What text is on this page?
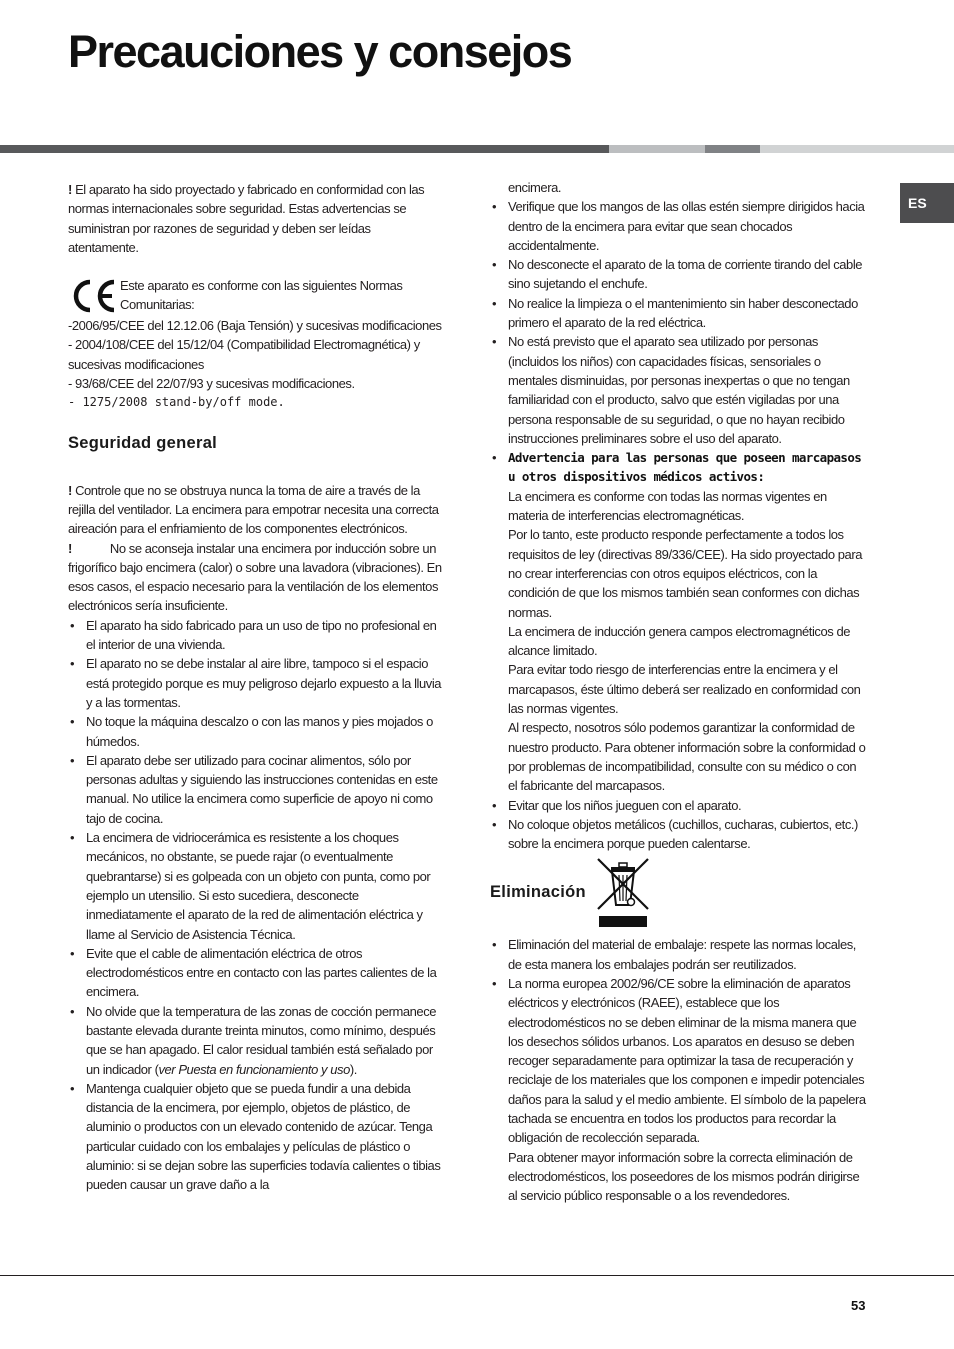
Precauciones y consejos
ES

! El aparato ha sido proyectado y fabricado en conformidad con las normas internacionales sobre seguridad. Estas advertencias se suministran por razones de seguridad y deben ser leídas atentamente.

Este aparato es conforme con las siguientes Normas Comunitarias:

-2006/95/CEE del 12.12.06 (Baja Tensión) y sucesivas modificaciones

- 2004/108/CEE del 15/12/04 (Compatibilidad Electromagnética) y sucesivas modificaciones

- 93/68/CEE del 22/07/93 y sucesivas modificaciones.

- 1275/2008 stand-by/off mode.

Seguridad general

! Controle que no se obstruya nunca la toma de aire a través de la rejilla del ventilador. La encimera para empotrar necesita una correcta aireación para el enfriamiento de los componentes electrónicos.

!	No se aconseja instalar una encimera por inducción sobre un frigorífico bajo encimera (calor) o sobre una lavadora (vibraciones). En esos casos, el espacio necesario para la ventilación de los elementos electrónicos sería insuficiente.

• El aparato ha sido fabricado para un uso de tipo no profesional en el interior de una vivienda.
• El aparato no se debe instalar al aire libre, tampoco si el espacio está protegido porque es muy peligroso dejarlo expuesto a la lluvia y a las tormentas.
• No toque la máquina descalzo o con las manos y pies mojados o húmedos.
• El aparato debe ser utilizado para cocinar alimentos, sólo por personas adultas y siguiendo las instrucciones contenidas en este manual. No utilice la encimera como superficie de apoyo ni como tajo de cocina.
• La encimera de vidriocerámica es resistente a los choques mecánicos, no obstante, se puede rajar (o eventualmente quebrantarse) si es golpeada con un objeto con punta, como por ejemplo un utensilio. Si esto sucediera, desconecte inmediatamente el aparato de la red de alimentación eléctrica y llame al Servicio de Asistencia Técnica.
• Evite que el cable de alimentación eléctrica de otros electrodomésticos entre en contacto con las partes calientes de la encimera.
• No olvide que la temperatura de las zonas de cocción permanece bastante elevada durante treinta minutos, como mínimo, después que se han apagado. El calor residual también está señalado por un indicador (ver Puesta en funcionamiento y uso).
• Mantenga cualquier objeto que se pueda fundir a una debida distancia de la encimera, por ejemplo, objetos de plástico, de aluminio o productos con un elevado contenido de azúcar. Tenga particular cuidado con los embalajes y películas de plástico o aluminio: si se dejan sobre las superficies todavía calientes o tibias pueden causar un grave daño a la

encimera.

• Verifique que los mangos de las ollas estén siempre dirigidos hacia dentro de la encimera para evitar que sean chocados accidentalmente.
• No desconecte el aparato de la toma de corriente tirando del cable sino sujetando el enchufe.
• No realice la limpieza o el mantenimiento sin haber desconectado primero el aparato de la red eléctrica.
• No está previsto que el aparato sea utilizado por personas (incluidos los niños) con capacidades físicas, sensoriales o mentales disminuidas, por personas inexpertas o que no tengan familiaridad con el producto, salvo que estén vigiladas por una persona responsable de su seguridad, o que no hayan recibido instrucciones preliminares sobre el uso del aparato.
• Advertencia para las personas que poseen marcapasos u otros dispositivos médicos activos:

La encimera es conforme con todas las normas vigentes en materia de interferencias electromagnéticas.

Por lo tanto, este producto responde perfectamente a todos los requisitos de ley (directivas 89/336/CEE). Ha sido proyectado para no crear interferencias con otros equipos eléctricos, con la condición de que los mismos también sean conformes con dichas normas.

La encimera de inducción genera campos electromagnéticos de alcance limitado.

Para evitar todo riesgo de interferencias entre la encimera y el marcapasos, éste último deberá ser realizado en conformidad con las normas vigentes.

Al respecto, nosotros sólo podemos garantizar la conformidad de nuestro producto. Para obtener información sobre la conformidad o por problemas de incompatibilidad, consulte con su médico o con el fabricante del marcapasos.

• Evitar que los niños jueguen con el aparato.
• No coloque objetos metálicos (cuchillos, cucharas, cubiertos, etc.) sobre la encimera porque pueden calentarse.
Eliminación
• Eliminación del material de embalaje: respete las normas locales, de esta manera los embalajes podrán ser reutilizados.
• La norma europea 2002/96/CE sobre la eliminación de aparatos eléctricos y electrónicos (RAEE), establece que los electrodomésticos no se deben eliminar de la misma manera que los desechos sólidos urbanos. Los aparatos en desuso se deben recoger separadamente para optimizar la tasa de recuperación y reciclaje de los materiales que los componen e impedir potenciales daños para la salud y el medio ambiente. El símbolo de la papelera tachada se encuentra en todos los productos para recordar la obligación de recolección separada.

Para obtener mayor información sobre la correcta eliminación de electrodomésticos, los poseedores de los mismos podrán dirigirse al servicio público responsable o a los revendedores.

53
